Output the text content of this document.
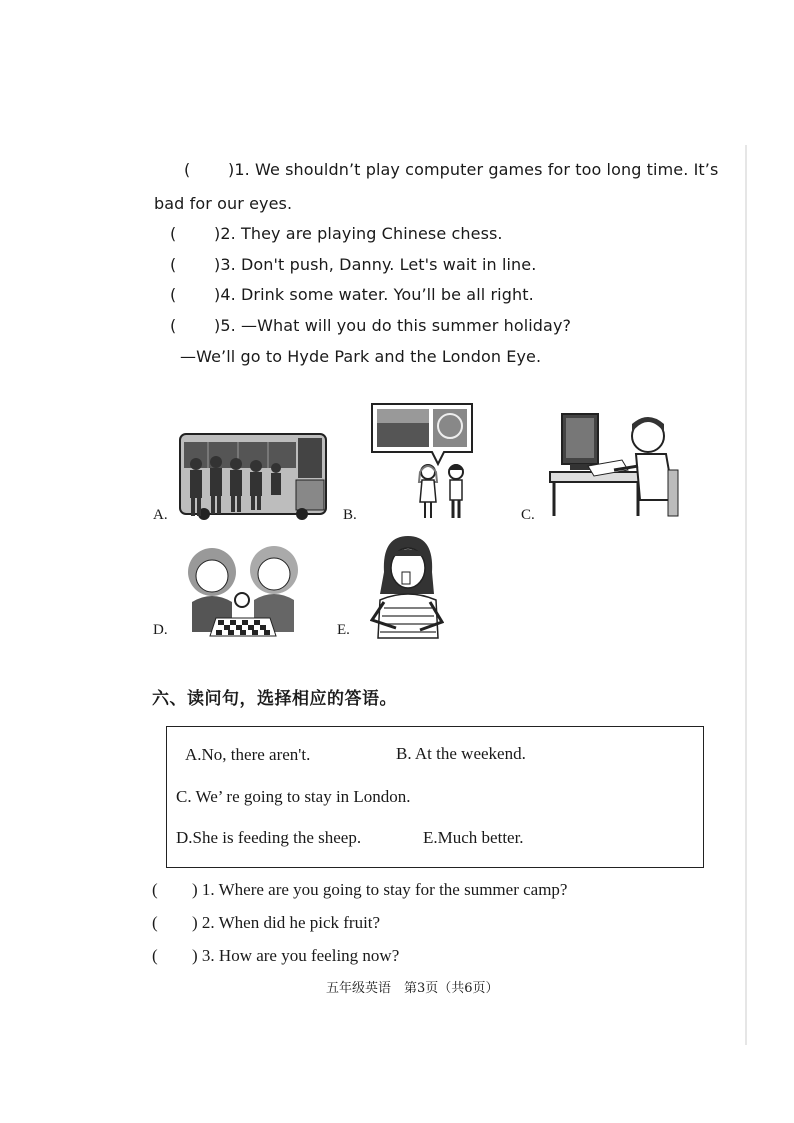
( )1. We shouldn’t play computer games for too long time. It’s
bad for our eyes.
( )2. They are playing Chinese chess.
( )3. Don't push, Danny. Let's wait in line.
( )4. Drink some water. You’ll be all right.
( )5. —What will you do this summer holiday?
—We’ll go to Hyde Park and the London Eye.
A.	B.	C.
D.	E.
六、读问句，选择相应的答语。
A.No, there aren't.	B. At the weekend.
C. We’ re going to stay in London.
D.She is feeding the sheep.	E.Much better.
( ) 1. Where are you going to stay for the summer camp?
( ) 2. When did he pick fruit?
( ) 3. How are you feeling now?
五年级英语　第3页（共6页）
